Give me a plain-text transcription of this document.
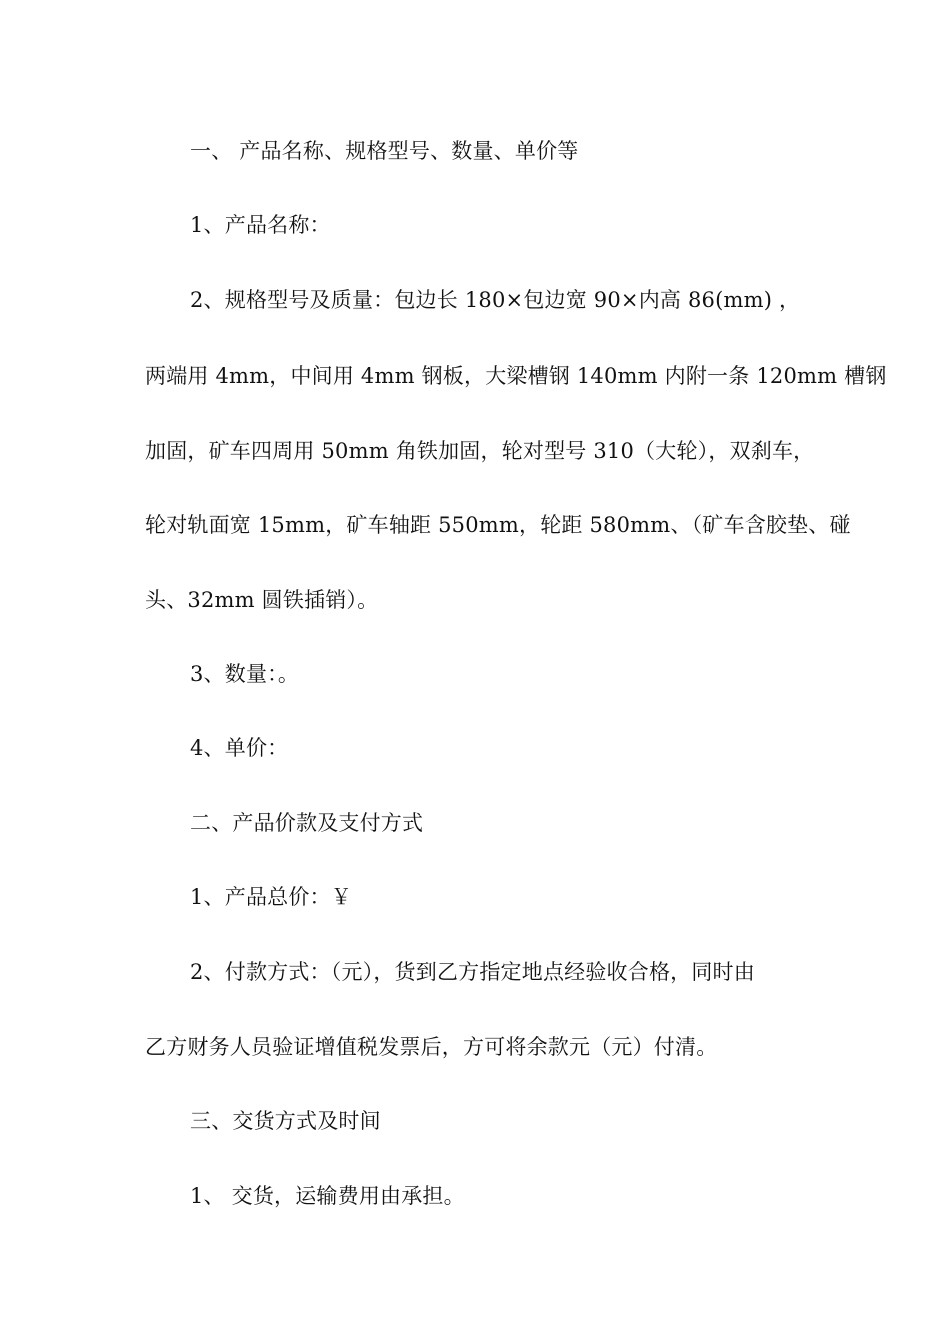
一、 产品名称、规格型号、数量、单价等
1、产品名称：
2、规格型号及质量：包边长 180×包边宽 90×内高 86(mm) ，
两端用 4mm，中间用 4mm 钢板，大梁槽钢 140mm 内附一条 120mm 槽钢
加固，矿车四周用 50mm 角铁加固，轮对型号 310（大轮），双刹车，
轮对轨面宽 15mm，矿车轴距 550mm，轮距 580mm、（矿车含胶垫、碰
头、32mm 圆铁插销）。
3、数量：。
4、单价：
二、产品价款及支付方式
1、产品总价：￥
2、付款方式：（元），货到乙方指定地点经验收合格，同时由
乙方财务人员验证增值税发票后，方可将余款元（元）付清。
三、交货方式及时间
1、 交货，运输费用由承担。
